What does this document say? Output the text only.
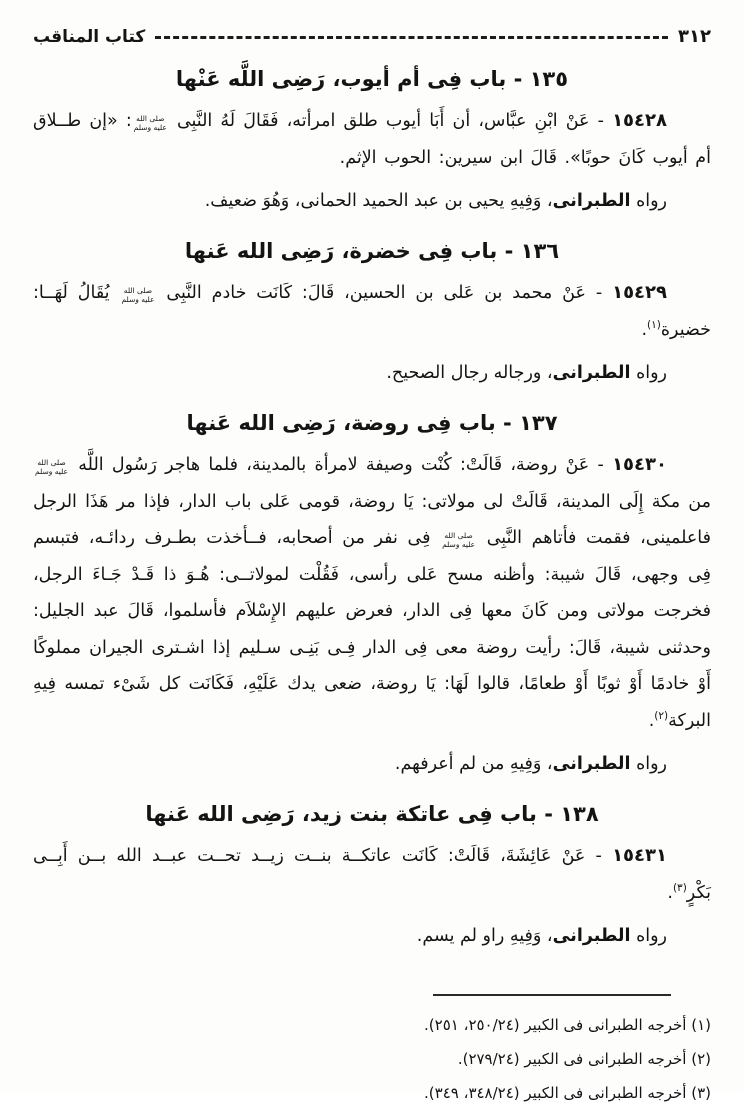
٣١٢
كتاب المناقب
١٣٥ - باب فِى أم أيوب، رَضِى اللَّه عَنْها

١٥٤٢٨ - عَنْ ابْنِ عبَّاس، أن أَبَا أيوب طلق امرأته، فَقَالَ لَهُ النَّبِى صلى الله
عليه وسلم: «إن طــلاق أم أيوب كَانَ حوبًا». قَالَ ابن سيرين: الحوب الإثم.

رواه الطبرانى، وَفِيهِ يحيى بن عبد الحميد الحمانى، وَهُوَ ضعيف.

١٣٦ - باب فِى خضرة، رَضِى الله عَنها

١٥٤٢٩ - عَنْ محمد بن عَلى بن الحسين، قَالَ: كَانَت خادم النَّبِى صلى الله
عليه وسلم يُقَالُ لَهَــا: خضيرة$^{(١)}$.

رواه الطبرانى، ورجاله رجال الصحيح.

١٣٧ - باب فِى روضة، رَضِى الله عَنها

١٥٤٣٠ - عَنْ روضة، قَالَتْ: كُنْت وصيفة لامرأة بالمدينة، فلما هاجر رَسُول اللَّه صلى الله
عليه وسلم من مكة إِلَى المدينة، قَالَتْ لى مولاتى: يَا روضة، قومى عَلى باب الدار، فإذا مر هَذَا الرجل فاعلمينى، فقمت فأتاهم النَّبِى صلى الله
عليه وسلم فِى نفر من أصحابه، فــأخذت بطـرف ردائـه، فتبسم فِى وجهى، قَالَ شيبة: وأظنه مسح عَلى رأسى، فَقُلْت لمولاتــى: هُـوَ ذا قَـدْ جَـاءَ الرجل، فخرجت مولاتى ومن كَانَ معها فِى الدار، فعرض عليهم الإِسْلاَم فأسلموا، قَالَ عبد الجليل: وحدثنى شيبة، قَالَ: رأيت روضة معى فِى الدار فِـى بَنِـى سـليم إذا اشـترى الجيران مملوكًا أَوْ خادمًا أَوْ ثوبًا أَوْ طعامًا، قالوا لَهَا: يَا روضة، ضعى يدك عَلَيْهِ، فَكَانَت كل شَىْء تمسه فِيهِ البركة$^{(٢)}$.

رواه الطبرانى، وَفِيهِ من لم أعرفهم.

١٣٨ - باب فِى عاتكة بنت زيد، رَضِى الله عَنها

١٥٤٣١ - عَنْ عَائِشَةَ، قَالَتْ: كَانَت عاتكــة بنــت زيــد تحــت عبــد الله بــن أَبِــى بَكْرٍ$^{(٣)}$.

رواه الطبرانى، وَفِيهِ راو لم يسم.

(١) أخرجه الطبرانى فى الكبير (٢٥٠/٢٤، ٢٥١).

(٢) أخرجه الطبرانى فى الكبير (٢٧٩/٢٤).

(٣) أخرجه الطبرانى فى الكبير (٣٤٨/٢٤، ٣٤٩).
